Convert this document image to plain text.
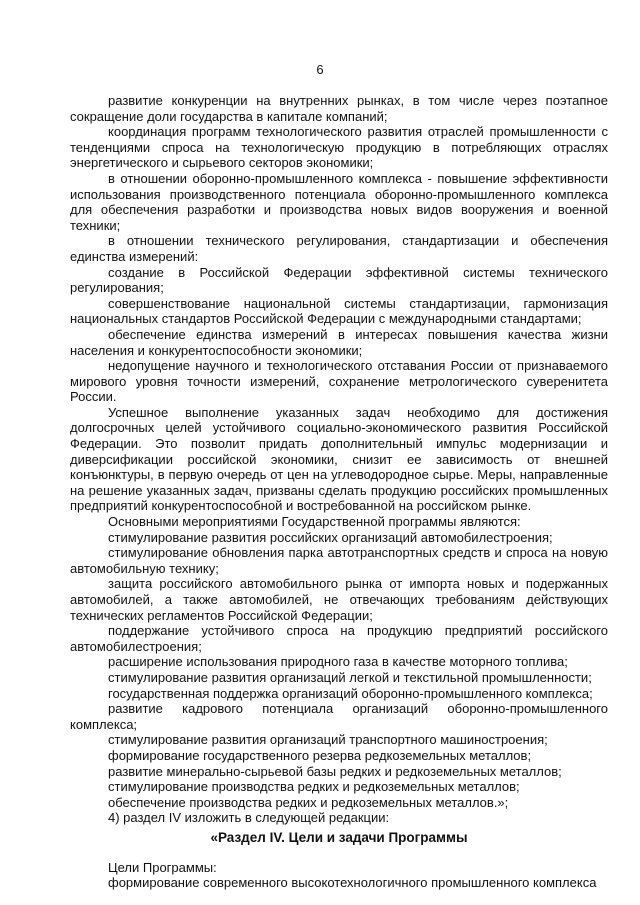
6

развитие конкуренции на внутренних рынках, в том числе через поэтапное сокращение доли государства в капитале компаний;

координация программ технологического развития отраслей промышленности с тенденциями спроса на технологическую продукцию в потребляющих отраслях энергетического и сырьевого секторов экономики;

в отношении оборонно-промышленного комплекса - повышение эффективности использования производственного потенциала оборонно-промышленного комплекса для обеспечения разработки и производства новых видов вооружения и военной техники;

в отношении технического регулирования, стандартизации и обеспечения единства измерений:

создание в Российской Федерации эффективной системы технического регулирования;

совершенствование национальной системы стандартизации, гармонизация национальных стандартов Российской Федерации с международными стандартами;

обеспечение единства измерений в интересах повышения качества жизни населения и конкурентоспособности экономики;

недопущение научного и технологического отставания России от признаваемого мирового уровня точности измерений, сохранение метрологического суверенитета России.

Успешное выполнение указанных задач необходимо для достижения долгосрочных целей устойчивого социально-экономического развития Российской Федерации. Это позволит придать дополнительный импульс модернизации и диверсификации российской экономики, снизит ее зависимость от внешней конъюнктуры, в первую очередь от цен на углеводородное сырье. Меры, направленные на решение указанных задач, призваны сделать продукцию российских промышленных предприятий конкурентоспособной и востребованной на российском рынке.

Основными мероприятиями Государственной программы являются:

стимулирование развития российских организаций автомобилестроения;

стимулирование обновления парка автотранспортных средств и спроса на новую автомобильную технику;

защита российского автомобильного рынка от импорта новых и подержанных автомобилей, а также автомобилей, не отвечающих требованиям действующих технических регламентов Российской Федерации;

поддержание устойчивого спроса на продукцию предприятий российского автомобилестроения;

расширение использования природного газа в качестве моторного топлива;

стимулирование развития организаций легкой и текстильной промышленности;

государственная поддержка организаций оборонно-промышленного комплекса;

развитие кадрового потенциала организаций оборонно-промышленного комплекса;

стимулирование развития организаций транспортного машиностроения;

формирование государственного резерва редкоземельных металлов;

развитие минерально-сырьевой базы редких и редкоземельных металлов;

стимулирование производства редких и редкоземельных металлов;

обеспечение производства редких и редкоземельных металлов.»;

4) раздел IV изложить в следующей редакции:

«Раздел IV. Цели и задачи Программы

Цели Программы:

формирование современного высокотехнологичного промышленного комплекса
